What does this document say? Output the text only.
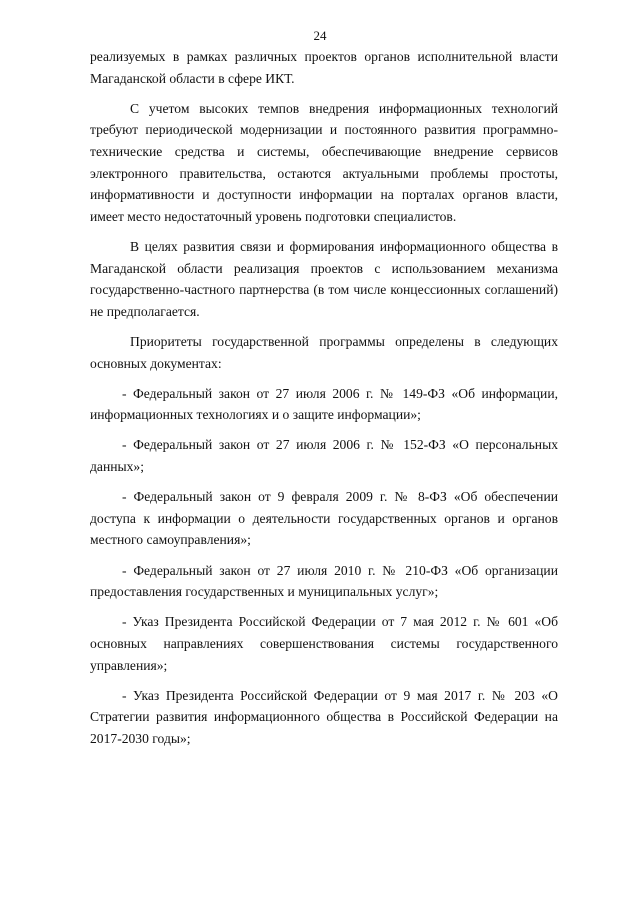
24

реализуемых в рамках различных проектов органов исполнительной власти Магаданской области в сфере ИКТ.

С учетом высоких темпов внедрения информационных технологий требуют периодической модернизации и постоянного развития программно-технические средства и системы, обеспечивающие внедрение сервисов электронного правительства, остаются актуальными проблемы простоты, информативности и доступности информации на порталах органов власти, имеет место недостаточный уровень подготовки специалистов.

В целях развития связи и формирования информационного общества в Магаданской области реализация проектов с использованием механизма государственно-частного партнерства (в том числе концессионных соглашений) не предполагается.

Приоритеты государственной программы определены в следующих основных документах:

- Федеральный закон от 27 июля 2006 г. № 149-ФЗ «Об информации, информационных технологиях и о защите информации»;

- Федеральный закон от 27 июля 2006 г. № 152-ФЗ «О персональных данных»;

- Федеральный закон от 9 февраля 2009 г. № 8-ФЗ «Об обеспечении доступа к информации о деятельности государственных органов и органов местного самоуправления»;

- Федеральный закон от 27 июля 2010 г. № 210-ФЗ «Об организации предоставления государственных и муниципальных услуг»;

- Указ Президента Российской Федерации от 7 мая 2012 г. № 601 «Об основных направлениях совершенствования системы государственного управления»;

- Указ Президента Российской Федерации от 9 мая 2017 г. № 203 «О Стратегии развития информационного общества в Российской Федерации на 2017-2030 годы»;
